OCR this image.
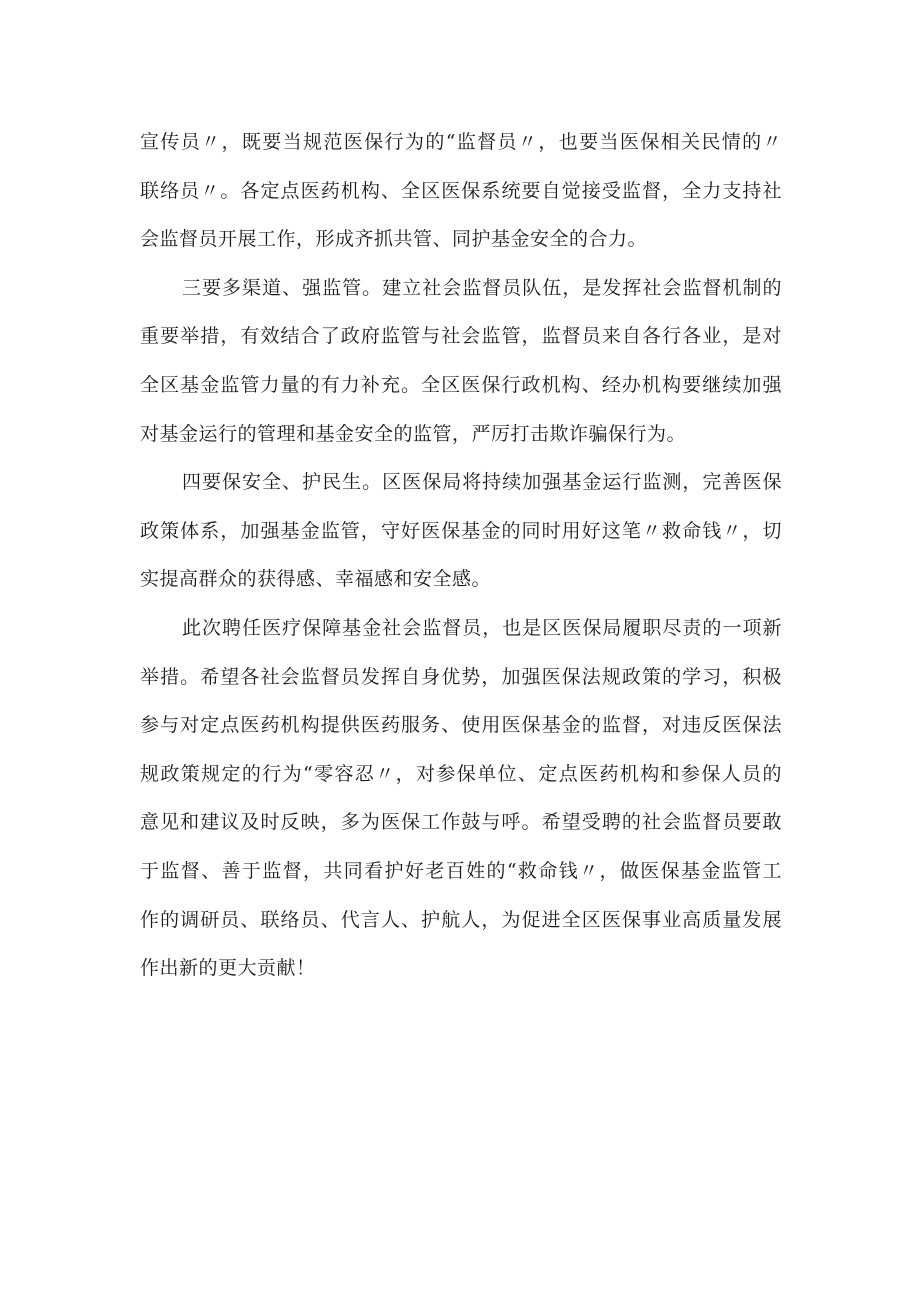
宣传员〃，既要当规范医保行为的“监督员〃，也要当医保相关民情的〃
联络员〃。各定点医药机构、全区医保系统要自觉接受监督，全力支持社
会监督员开展工作，形成齐抓共管、同护基金安全的合力。
三要多渠道、强监管。建立社会监督员队伍，是发挥社会监督机制的
重要举措，有效结合了政府监管与社会监管，监督员来自各行各业，是对
全区基金监管力量的有力补充。全区医保行政机构、经办机构要继续加强
对基金运行的管理和基金安全的监管，严厉打击欺诈骗保行为。
四要保安全、护民生。区医保局将持续加强基金运行监测，完善医保
政策体系，加强基金监管，守好医保基金的同时用好这笔〃救命钱〃，切
实提高群众的获得感、幸福感和安全感。
此次聘任医疗保障基金社会监督员，也是区医保局履职尽责的一项新
举措。希望各社会监督员发挥自身优势，加强医保法规政策的学习，积极
参与对定点医药机构提供医药服务、使用医保基金的监督，对违反医保法
规政策规定的行为“零容忍〃，对参保单位、定点医药机构和参保人员的
意见和建议及时反映，多为医保工作鼓与呼。希望受聘的社会监督员要敢
于监督、善于监督，共同看护好老百姓的“救命钱〃，做医保基金监管工
作的调研员、联络员、代言人、护航人，为促进全区医保事业高质量发展
作出新的更大贡献！
